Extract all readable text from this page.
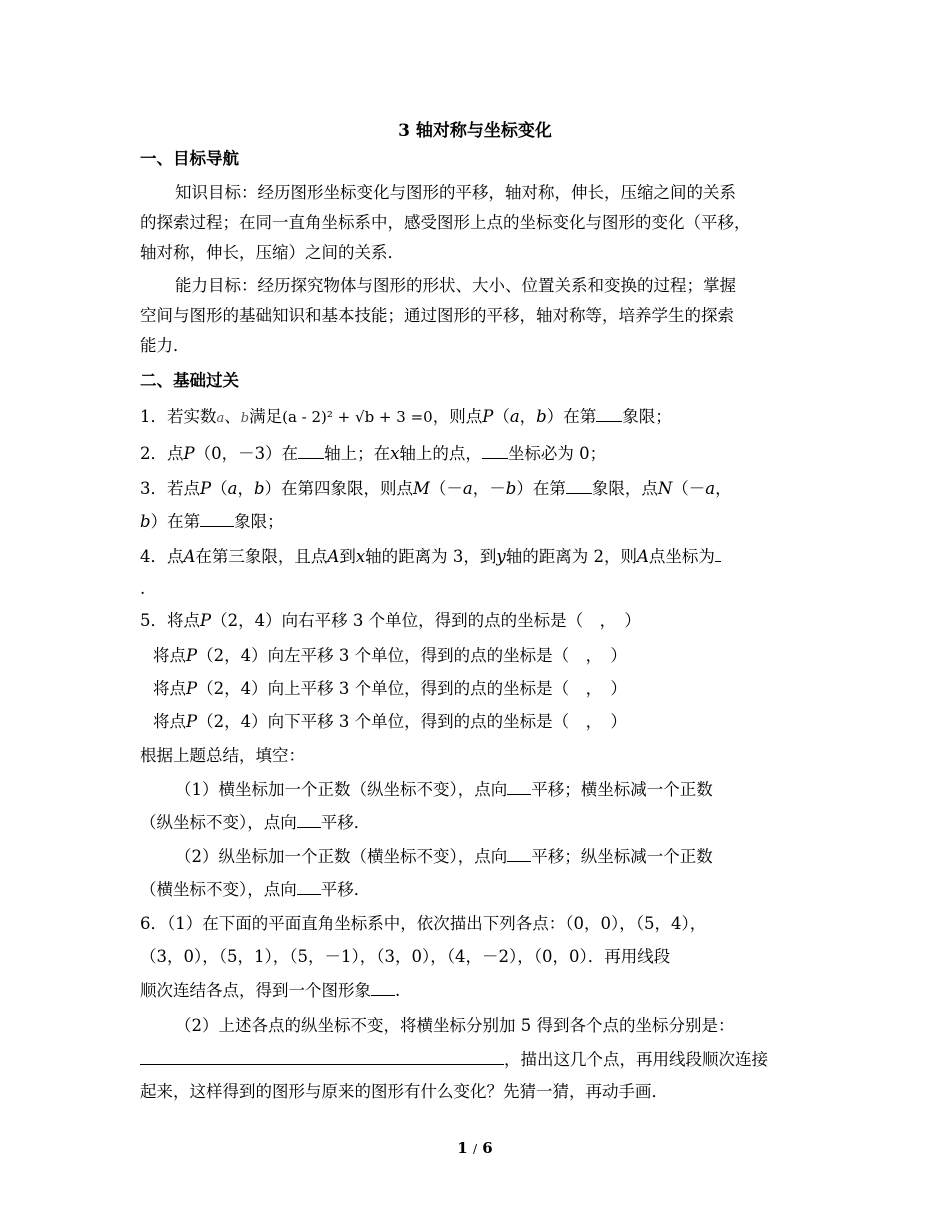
3 轴对称与坐标变化
一、目标导航
知识目标：经历图形坐标变化与图形的平移，轴对称，伸长，压缩之间的关系
的探索过程；在同一直角坐标系中，感受图形上点的坐标变化与图形的变化（平移，
轴对称，伸长，压缩）之间的关系．
能力目标：经历探究物体与图形的形状、大小、位置关系和变换的过程；掌握
空间与图形的基础知识和基本技能；通过图形的平移，轴对称等，培养学生的探索
能力．
二、基础过关
1．若实数a、b满足(a - 2)² + √b + 3 =0，则点P（a，b）在第 象限；
2．点P（0，－3）在 轴上；在x轴上的点， 坐标必为 0；
3．若点P（a，b）在第四象限，则点M（－a，－b）在第 象限，点N（－a，
b）在第 象限；
4．点A在第三象限，且点A到x轴的距离为 3，到y轴的距离为 2，则A点坐标为
.
5．将点P（2，4）向右平移 3 个单位，得到的点的坐标是（　，　）
将点P（2，4）向左平移 3 个单位，得到的点的坐标是（　，　）
将点P（2，4）向上平移 3 个单位，得到的点的坐标是（　，　）
将点P（2，4）向下平移 3 个单位，得到的点的坐标是（　，　）
根据上题总结，填空：
（1）横坐标加一个正数（纵坐标不变），点向 平移；横坐标减一个正数
（纵坐标不变），点向 平移．
（2）纵坐标加一个正数（横坐标不变），点向 平移；纵坐标减一个正数
（横坐标不变），点向 平移．
6．（1）在下面的平面直角坐标系中，依次描出下列各点：（0，0），（5，4），
（3，0），（5，1），（5，－1），（3，0），（4，－2），（0，0）．再用线段
顺次连结各点，得到一个图形象 .
（2）上述各点的纵坐标不变，将横坐标分别加 5 得到各个点的坐标分别是：
，描出这几个点，再用线段顺次连接
起来，这样得到的图形与原来的图形有什么变化？先猜一猜，再动手画．
1 / 6
